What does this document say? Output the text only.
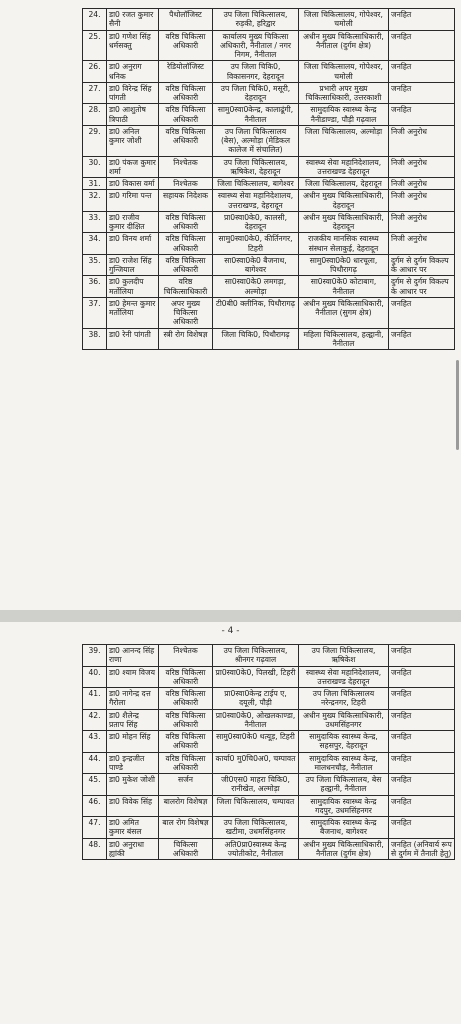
24.	डा0 रजत कुमार सैनी	पैथोलॉजिस्ट	उप जिला चिकित्सालय, रुड़की, हरिद्वार	जिला चिकित्सालय, गोपेश्वर, चमोली	जनहित
25.	डा0 गणेश सिंह धर्मसक्तु	वरिष्ठ चिकित्सा अधिकारी	कार्यालय मुख्य चिकित्सा अधिकारी, नैनीताल / नगर निगम, नैनीताल	अधीन मुख्य चिकित्साधिकारी, नैनीताल (दुर्गम क्षेत्र)	जनहित
26.	डा0 अनुराग धनिक	रेडियोलॉजिस्ट	उप जिला चिकि0, विकासनगर, देहरादून	जिला चिकित्सालय, गोपेश्वर, चमोली	जनहित
27.	डा0 विरेन्द्र सिंह पांगती	वरिष्ठ चिकित्सा अधिकारी	उप जिला चिकि0, मसूरी, देहरादून	प्रभारी अपर मुख्य चिकित्साधिकारी, उत्तरकाशी	जनहित
28.	डा0 आशुतोष त्रिपाठी	वरिष्ठ चिकित्सा अधिकारी	सामु0स्वा0केन्द्र, कालाढूंगी, नैनीताल	सामुदायिक स्वास्थ्य केन्द्र नैनीडाण्डा, पौड़ी गढ़वाल	जनहित
29.	डा0 अनिल कुमार जोशी	वरिष्ठ चिकित्सा अधिकारी	उप जिला चिकित्सालय (बेस), अल्मोड़ा (मेडिकल कालेज में संचालित)	जिला चिकित्सालय, अल्मोड़ा	निजी अनुरोध
30.	डा0 पंकज कुमार शर्मा	निश्चेतक	उप जिला चिकित्सालय, ऋषिकेश, देहरादून	स्वास्थ्य सेवा महानिदेशालय, उत्तराखण्ड देहरादून	निजी अनुरोध
31.	डा0 विकास वर्मा	निश्चेतक	जिला चिकित्सालय, बागेश्वर	जिला चिकित्सालय, देहरादून	निजी अनुरोध
32.	डा0 गरिमा पन्त	सहायक निदेशक	स्वास्थ्य सेवा महानिदेशालय, उत्तराखण्ड, देहरादून	अधीन मुख्य चिकित्साधिकारी, देहरादून	निजी अनुरोध
33.	डा0 राजीव कुमार दीक्षित	वरिष्ठ चिकित्सा अधिकारी	प्रा0स्वा0के0, कालसी, देहरादून	अधीन मुख्य चिकित्साधिकारी, देहरादून	निजी अनुरोध
34.	डा0 विनय शर्मा	वरिष्ठ चिकित्सा अधिकारी	सामु0स्वा0के0, कीर्तिनगर, टिहरी	राजकीय मानसिक स्वास्थ्य संस्थान सेलाकुई, देहरादून	निजी अनुरोध
35.	डा0 राजेश सिंह गुन्जियाल	वरिष्ठ चिकित्सा अधिकारी	सा0स्वा0के0 बैजनाथ, बागेश्वर	सामु0स्वा0के0 धारचूला, पिथौरागढ़	दुर्गम से दुर्गम विकल्प के आधार पर
36.	डा0 कुलदीप मर्तोलिया	वरिष्ठ चिकित्साधिकारी	सा0स्वा0के0 लमगड़ा, अल्मोड़ा	सा0स्वा0के0 कोटाबाग, नैनीताल	दुर्गम से दुर्गम विकल्प के आधार पर
37.	डा0 हेमन्त कुमार मर्तोलिया	अपर मुख्य चिकित्सा अधिकारी	टी0बी0 क्लीनिक, पिथौरागढ़	अधीन मुख्य चिकित्साधिकारी, नैनीताल (सुगम क्षेत्र)	जनहित
38.	डा0 रेनी पांगती	स्त्री रोग विशेषज्ञ	जिला चिकि0, पिथौरागढ़	महिला चिकित्सालय, हल्द्वानी, नैनीताल	जनहित
- 4 -
39.	डा0 आनन्द सिंह राणा	निश्चेतक	उप जिला चिकित्सालय, श्रीनगर गढ़वाल	उप जिला चिकित्सालय, ऋषिकेश	जनहित
40.	डा0 श्याम विजय	वरिष्ठ चिकित्सा अधिकारी	प्रा0स्वा0के0, पिलखी, टिहरी	स्वास्थ्य सेवा महानिदेशालय, उत्तराखण्ड देहरादून	जनहित
41.	डा0 नागेन्द्र दत्त गैरोला	वरिष्ठ चिकित्सा अधिकारी	प्रा0स्वा0केन्द्र टाईप ए, दयूली, पौड़ी	उप जिला चिकित्सालय नरेन्द्रनगर, टिहरी	जनहित
42.	डा0 शैलेन्द्र प्रताप सिंह	वरिष्ठ चिकित्सा अधिकारी	प्रा0स्वा0के0, ओखलकाण्डा, नैनीताल	अधीन मुख्य चिकित्साधिकारी, उधमसिंहनगर	जनहित
43.	डा0 मोहन सिंह	वरिष्ठ चिकित्सा अधिकारी	सामु0स्वा0के0 थत्यूड़, टिहरी	सामुदायिक स्वास्थ्य केन्द्र, सहसपुर, देहरादून	जनहित
44.	डा0 इन्द्रजीत पाण्डे	वरिष्ठ चिकित्सा अधिकारी	कार्या0 मु0चि0अ0, चम्पावत	सामुदायिक स्वास्थ्य केन्द्र, मालधनचौड़, नैनीताल	जनहित
45.	डा0 मुकेश जोशी	सर्जन	जी0एस0 माहरा चिकि0, रानीखेत, अल्मोड़ा	उप जिला चिकित्सालय, बेस हल्द्वानी, नैनीताल	जनहित
46.	डा0 विवेक सिंह	बालरोग विशेषज्ञ	जिला चिकित्सालय, चम्पावत	सामुदायिक स्वास्थ्य केन्द्र गदपुर, उधमसिंहनगर	जनहित
47.	डा0 अमित कुमार बंसल	बाल रोग विशेषज्ञ	उप जिला चिकित्सालय, खटीमा, उधमसिंहनगर	सामुदायिक स्वास्थ्य केन्द्र बैजनाथ, बागेश्वर	जनहित
48.	डा0 अनुराधा ह्यांकी	चिकित्सा अधिकारी	अति0प्रा0स्वास्थ्य केन्द्र ज्योतीकोट, नैनीताल	अधीन मुख्य चिकित्साधिकारी, नैनीताल (दुर्गम क्षेत्र)	जनहित (अनिवार्य रूप से दुर्गम में तैनाती हेतु)
